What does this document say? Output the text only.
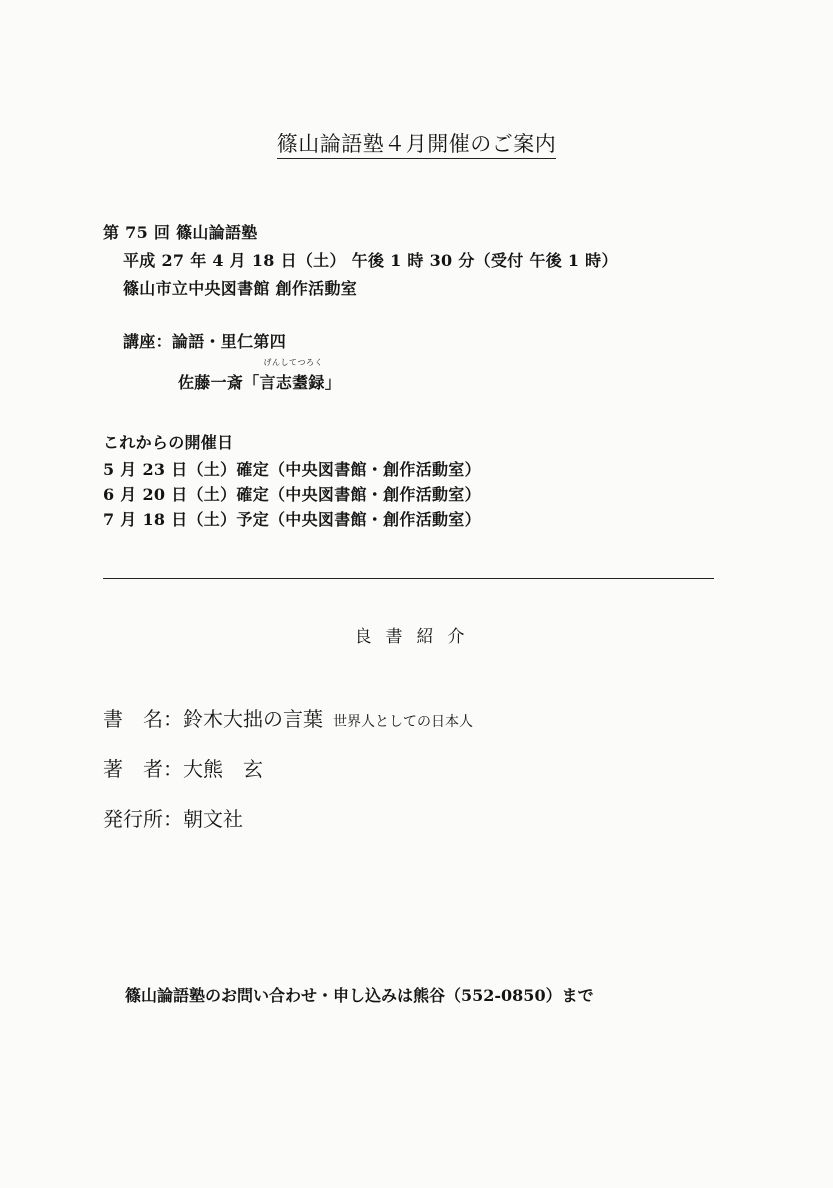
篠山論語塾４月開催のご案内
第 75 回 篠山論語塾
平成 27 年 4 月 18 日（土） 午後 1 時 30 分（受付 午後 1 時）
篠山市立中央図書館 創作活動室
講座：論語・里仁第四
佐藤一斎「
げんしてつろく
言志耋録」
これからの開催日
5 月 23 日（土）確定（中央図書館・創作活動室）
6 月 20 日（土）確定（中央図書館・創作活動室）
7 月 18 日（土）予定（中央図書館・創作活動室）
良書紹介
書　名：鈴木大拙の言葉 世界人としての日本人
著　者：大熊　玄
発行所：朝文社
篠山論語塾のお問い合わせ・申し込みは熊谷（552-0850）まで
